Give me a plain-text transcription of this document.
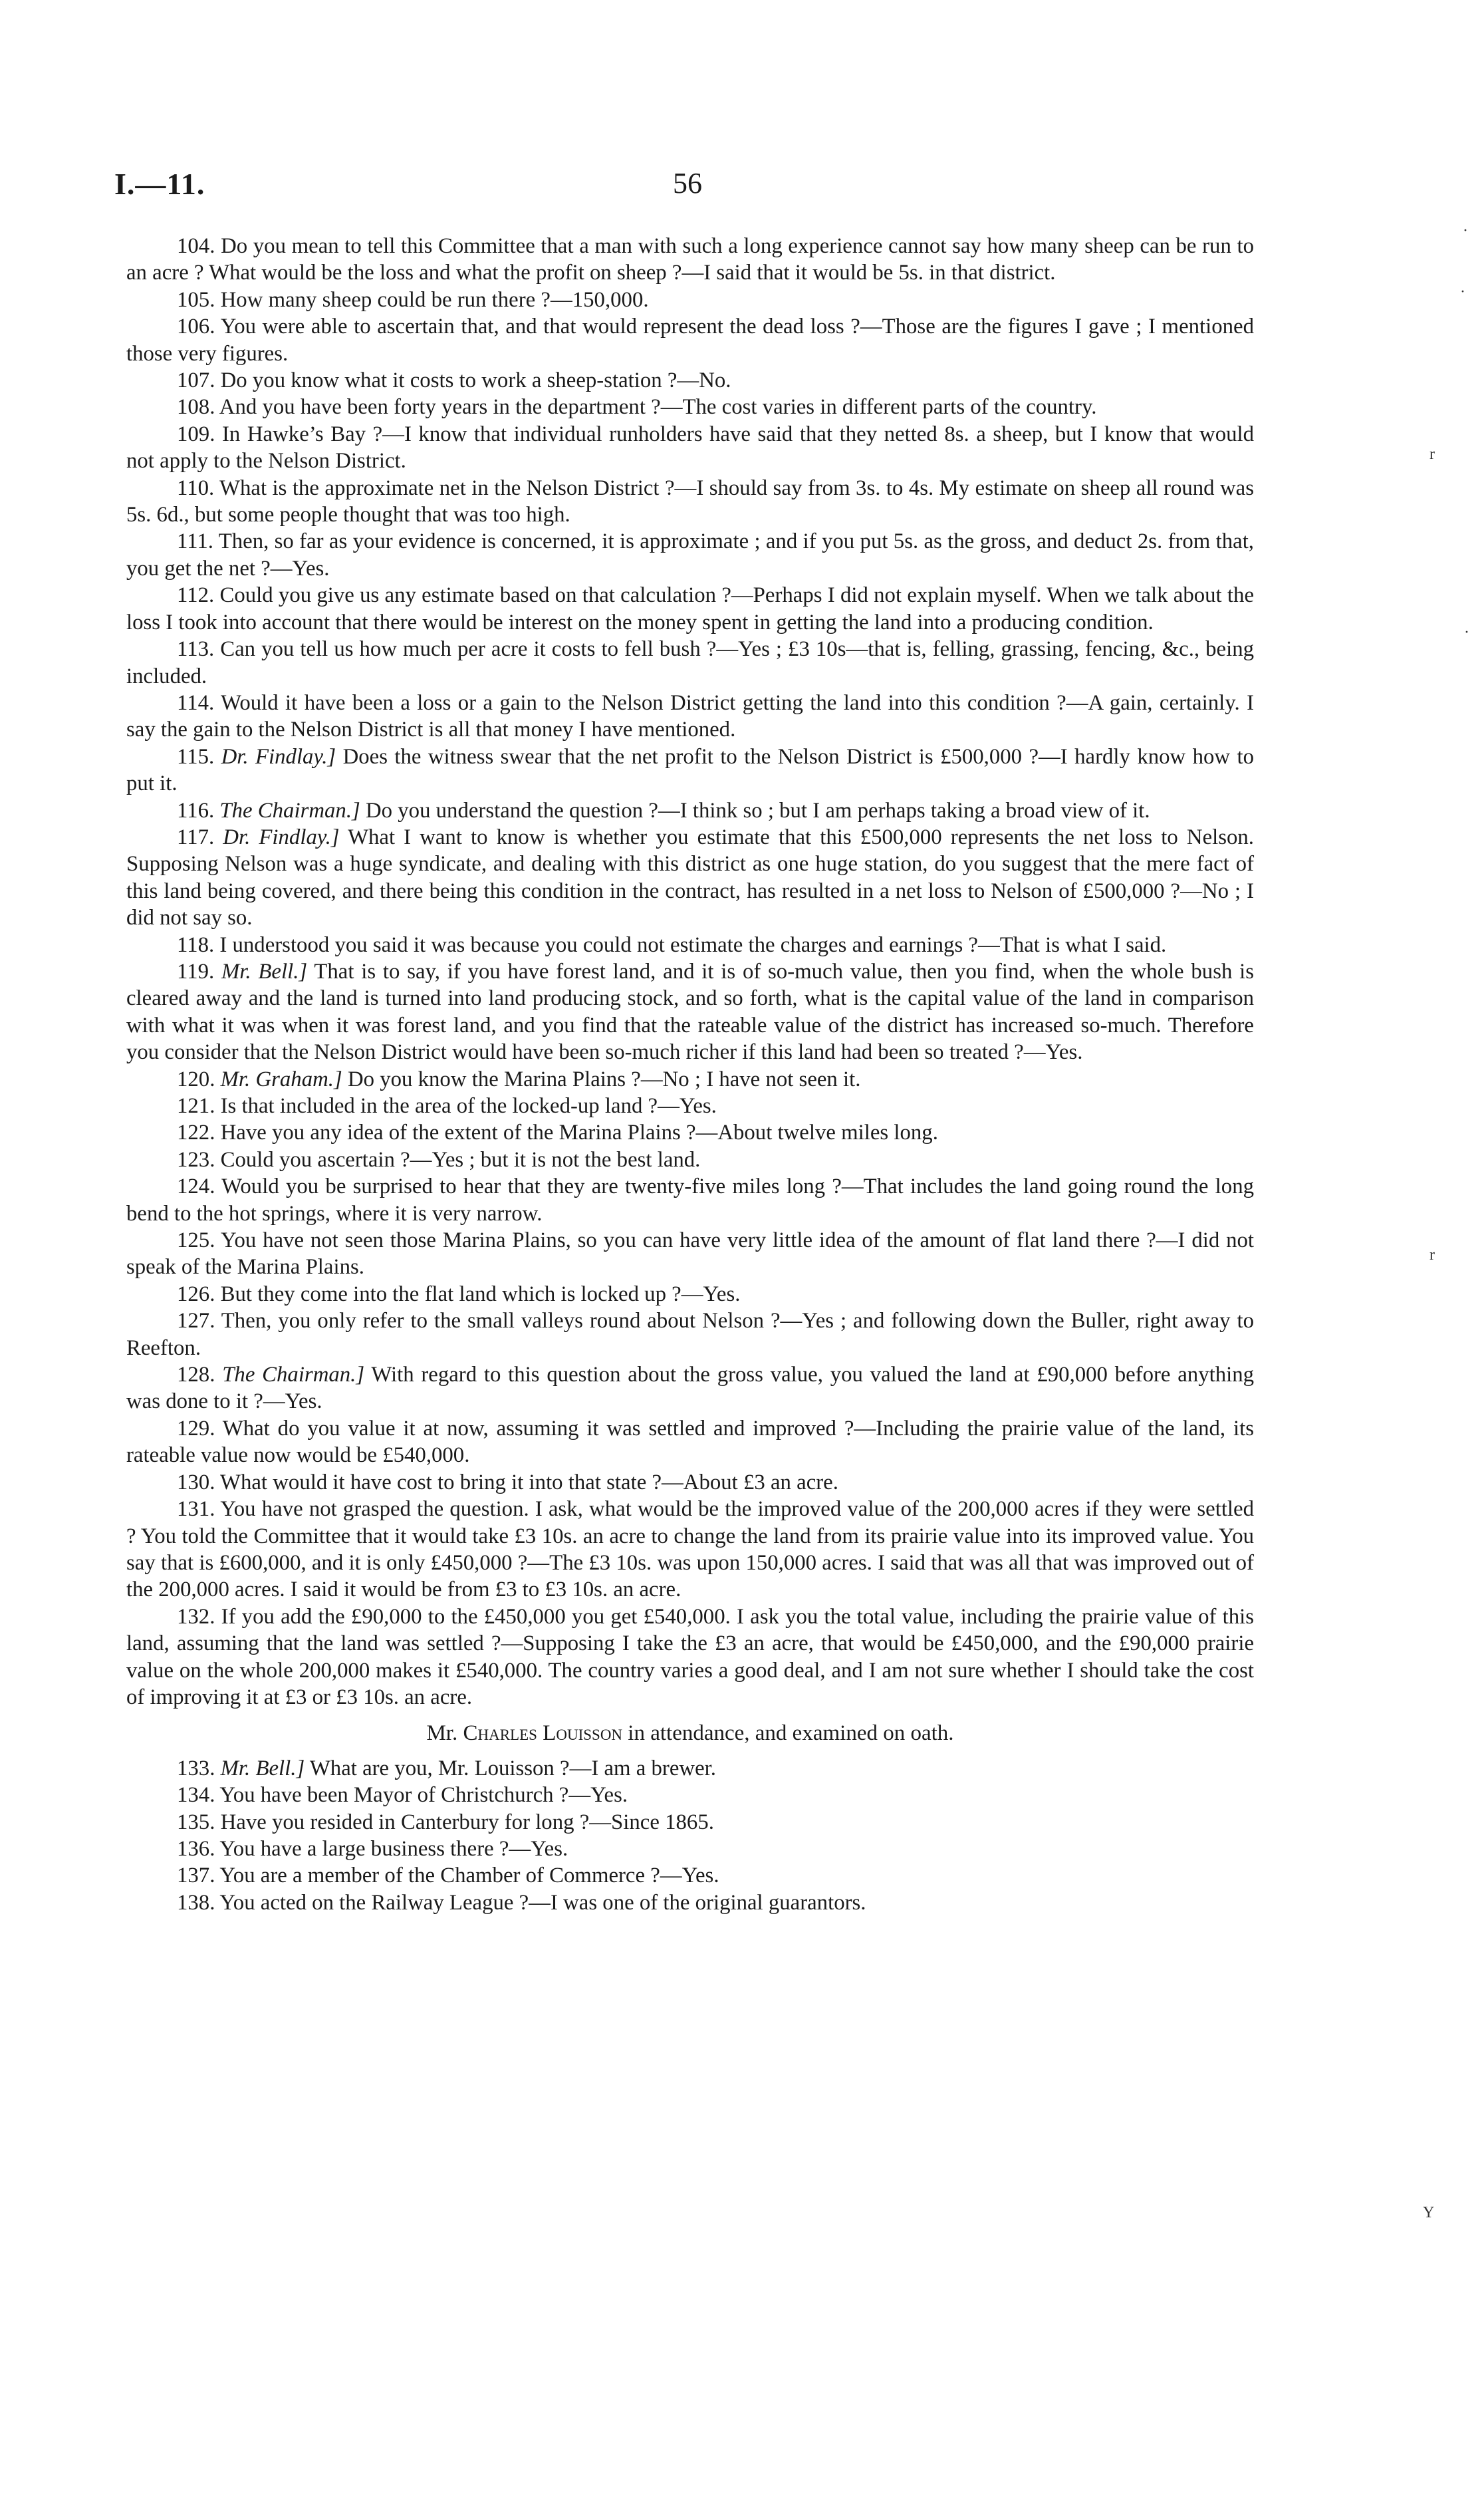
I.—11.	56

104. Do you mean to tell this Committee that a man with such a long experience cannot say how many sheep can be run to an acre ? What would be the loss and what the profit on sheep ?—I said that it would be 5s. in that district.

105. How many sheep could be run there ?—150,000.

106. You were able to ascertain that, and that would represent the dead loss ?—Those are the figures I gave ; I mentioned those very figures.

107. Do you know what it costs to work a sheep-station ?—No.

108. And you have been forty years in the department ?—The cost varies in different parts of the country.

109. In Hawke’s Bay ?—I know that individual runholders have said that they netted 8s. a sheep, but I know that would not apply to the Nelson District.

110. What is the approximate net in the Nelson District ?—I should say from 3s. to 4s. My estimate on sheep all round was 5s. 6d., but some people thought that was too high.

111. Then, so far as your evidence is concerned, it is approximate ; and if you put 5s. as the gross, and deduct 2s. from that, you get the net ?—Yes.

112. Could you give us any estimate based on that calculation ?—Perhaps I did not explain myself. When we talk about the loss I took into account that there would be interest on the money spent in getting the land into a producing condition.

113. Can you tell us how much per acre it costs to fell bush ?—Yes ; £3 10s—that is, felling, grassing, fencing, &c., being included.

114. Would it have been a loss or a gain to the Nelson District getting the land into this condition ?—A gain, certainly. I say the gain to the Nelson District is all that money I have mentioned.

115. Dr. Findlay.] Does the witness swear that the net profit to the Nelson District is £500,000 ?—I hardly know how to put it.

116. The Chairman.] Do you understand the question ?—I think so ; but I am perhaps taking a broad view of it.

117. Dr. Findlay.] What I want to know is whether you estimate that this £500,000 represents the net loss to Nelson. Supposing Nelson was a huge syndicate, and dealing with this district as one huge station, do you suggest that the mere fact of this land being covered, and there being this condition in the contract, has resulted in a net loss to Nelson of £500,000 ?—No ; I did not say so.

118. I understood you said it was because you could not estimate the charges and earnings ?—That is what I said.

119. Mr. Bell.] That is to say, if you have forest land, and it is of so-much value, then you find, when the whole bush is cleared away and the land is turned into land producing stock, and so forth, what is the capital value of the land in comparison with what it was when it was forest land, and you find that the rateable value of the district has increased so-much. Therefore you consider that the Nelson District would have been so-much richer if this land had been so treated ?—Yes.

120. Mr. Graham.] Do you know the Marina Plains ?—No ; I have not seen it.

121. Is that included in the area of the locked-up land ?—Yes.

122. Have you any idea of the extent of the Marina Plains ?—About twelve miles long.

123. Could you ascertain ?—Yes ; but it is not the best land.

124. Would you be surprised to hear that they are twenty-five miles long ?—That includes the land going round the long bend to the hot springs, where it is very narrow.

125. You have not seen those Marina Plains, so you can have very little idea of the amount of flat land there ?—I did not speak of the Marina Plains.

126. But they come into the flat land which is locked up ?—Yes.

127. Then, you only refer to the small valleys round about Nelson ?—Yes ; and following down the Buller, right away to Reefton.

128. The Chairman.] With regard to this question about the gross value, you valued the land at £90,000 before anything was done to it ?—Yes.

129. What do you value it at now, assuming it was settled and improved ?—Including the prairie value of the land, its rateable value now would be £540,000.

130. What would it have cost to bring it into that state ?—About £3 an acre.

131. You have not grasped the question. I ask, what would be the improved value of the 200,000 acres if they were settled ? You told the Committee that it would take £3 10s. an acre to change the land from its prairie value into its improved value. You say that is £600,000, and it is only £450,000 ?—The £3 10s. was upon 150,000 acres. I said that was all that was improved out of the 200,000 acres. I said it would be from £3 to £3 10s. an acre.

132. If you add the £90,000 to the £450,000 you get £540,000. I ask you the total value, including the prairie value of this land, assuming that the land was settled ?—Supposing I take the £3 an acre, that would be £450,000, and the £90,000 prairie value on the whole 200,000 makes it £540,000. The country varies a good deal, and I am not sure whether I should take the cost of improving it at £3 or £3 10s. an acre.

Mr. Charles Louisson in attendance, and examined on oath.

133. Mr. Bell.] What are you, Mr. Louisson ?—I am a brewer.

134. You have been Mayor of Christchurch ?—Yes.

135. Have you resided in Canterbury for long ?—Since 1865.

136. You have a large business there ?—Yes.

137. You are a member of the Chamber of Commerce ?—Yes.

138. You acted on the Railway League ?—I was one of the original guarantors.

·
·
r
·
r
Y
